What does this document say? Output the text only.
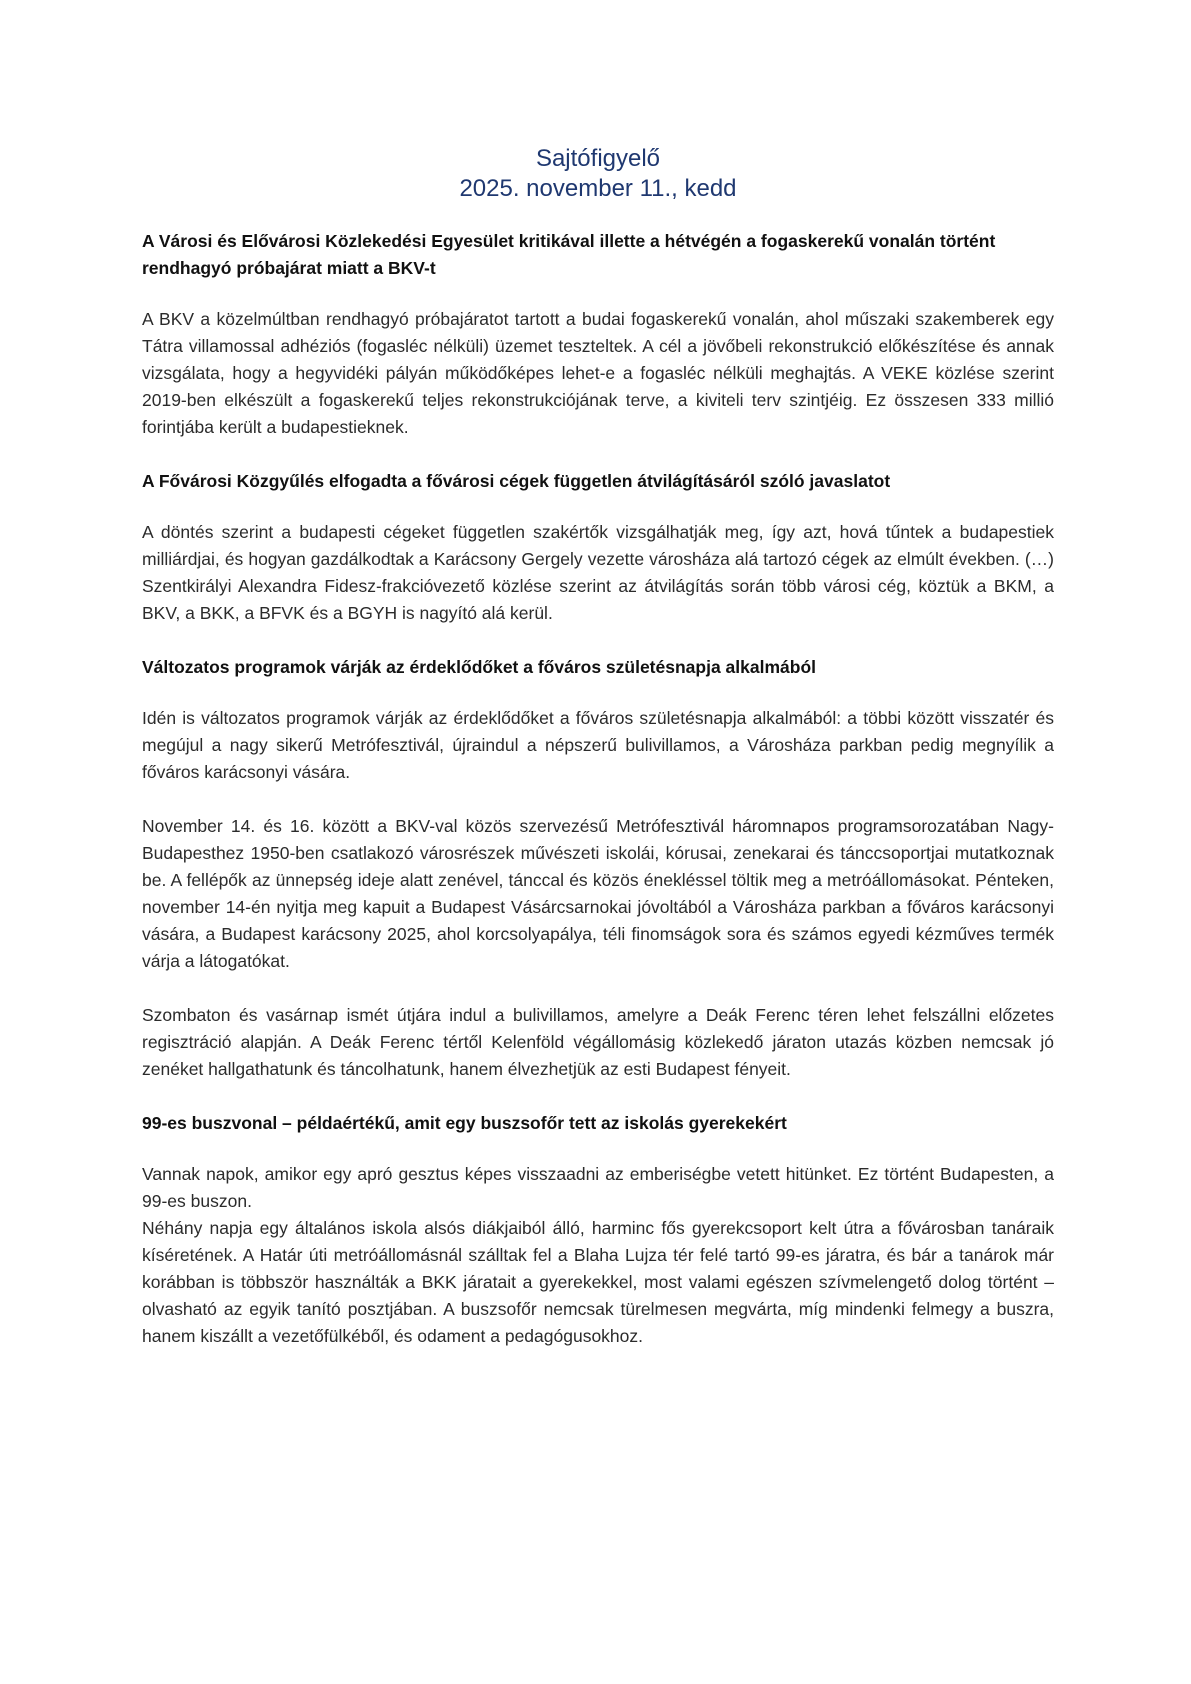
Sajtófigyelő
2025. november 11., kedd
A Városi és Elővárosi Közlekedési Egyesület kritikával illette a hétvégén a fogaskerekű vonalán történt rendhagyó próbajárat miatt a BKV-t

A BKV a közelmúltban rendhagyó próbajáratot tartott a budai fogaskerekű vonalán, ahol műszaki szakemberek egy Tátra villamossal adhéziós (fogasléc nélküli) üzemet teszteltek. A cél a jövőbeli rekonstrukció előkészítése és annak vizsgálata, hogy a hegyvidéki pályán működőképes lehet-e a fogasléc nélküli meghajtás. A VEKE közlése szerint 2019-ben elkészült a fogaskerekű teljes rekonstrukciójának terve, a kiviteli terv szintjéig. Ez összesen 333 millió forintjába került a budapestieknek.

A Fővárosi Közgyűlés elfogadta a fővárosi cégek független átvilágításáról szóló javaslatot

A döntés szerint a budapesti cégeket független szakértők vizsgálhatják meg, így azt, hová tűntek a budapestiek milliárdjai, és hogyan gazdálkodtak a Karácsony Gergely vezette városháza alá tartozó cégek az elmúlt években. (…) Szentkirályi Alexandra Fidesz-frakcióvezető közlése szerint az átvilágítás során több városi cég, köztük a BKM, a BKV, a BKK, a BFVK és a BGYH is nagyító alá kerül.

Változatos programok várják az érdeklődőket a főváros születésnapja alkalmából

Idén is változatos programok várják az érdeklődőket a főváros születésnapja alkalmából: a többi között visszatér és megújul a nagy sikerű Metrófesztivál, újraindul a népszerű bulivillamos, a Városháza parkban pedig megnyílik a főváros karácsonyi vására.

November 14. és 16. között a BKV-val közös szervezésű Metrófesztivál háromnapos programsorozatában Nagy-Budapesthez 1950-ben csatlakozó városrészek művészeti iskolái, kórusai, zenekarai és tánccsoportjai mutatkoznak be. A fellépők az ünnepség ideje alatt zenével, tánccal és közös énekléssel töltik meg a metróállomásokat. Pénteken, november 14-én nyitja meg kapuit a Budapest Vásárcsarnokai jóvoltából a Városháza parkban a főváros karácsonyi vására, a Budapest karácsony 2025, ahol korcsolyapálya, téli finomságok sora és számos egyedi kézműves termék várja a látogatókat.

Szombaton és vasárnap ismét útjára indul a bulivillamos, amelyre a Deák Ferenc téren lehet felszállni előzetes regisztráció alapján. A Deák Ferenc tértől Kelenföld végállomásig közlekedő járaton utazás közben nemcsak jó zenéket hallgathatunk és táncolhatunk, hanem élvezhetjük az esti Budapest fényeit.

99-es buszvonal – példaértékű, amit egy buszsofőr tett az iskolás gyerekekért

Vannak napok, amikor egy apró gesztus képes visszaadni az emberiségbe vetett hitünket. Ez történt Budapesten, a 99-es buszon.

Néhány napja egy általános iskola alsós diákjaiból álló, harminc fős gyerekcsoport kelt útra a fővárosban tanáraik kíséretének. A Határ úti metróállomásnál szálltak fel a Blaha Lujza tér felé tartó 99-es járatra, és bár a tanárok már korábban is többször használták a BKK járatait a gyerekekkel, most valami egészen szívmelengető dolog történt – olvasható az egyik tanító posztjában. A buszsofőr nemcsak türelmesen megvárta, míg mindenki felmegy a buszra, hanem kiszállt a vezetőfülkéből, és odament a pedagógusokhoz.
